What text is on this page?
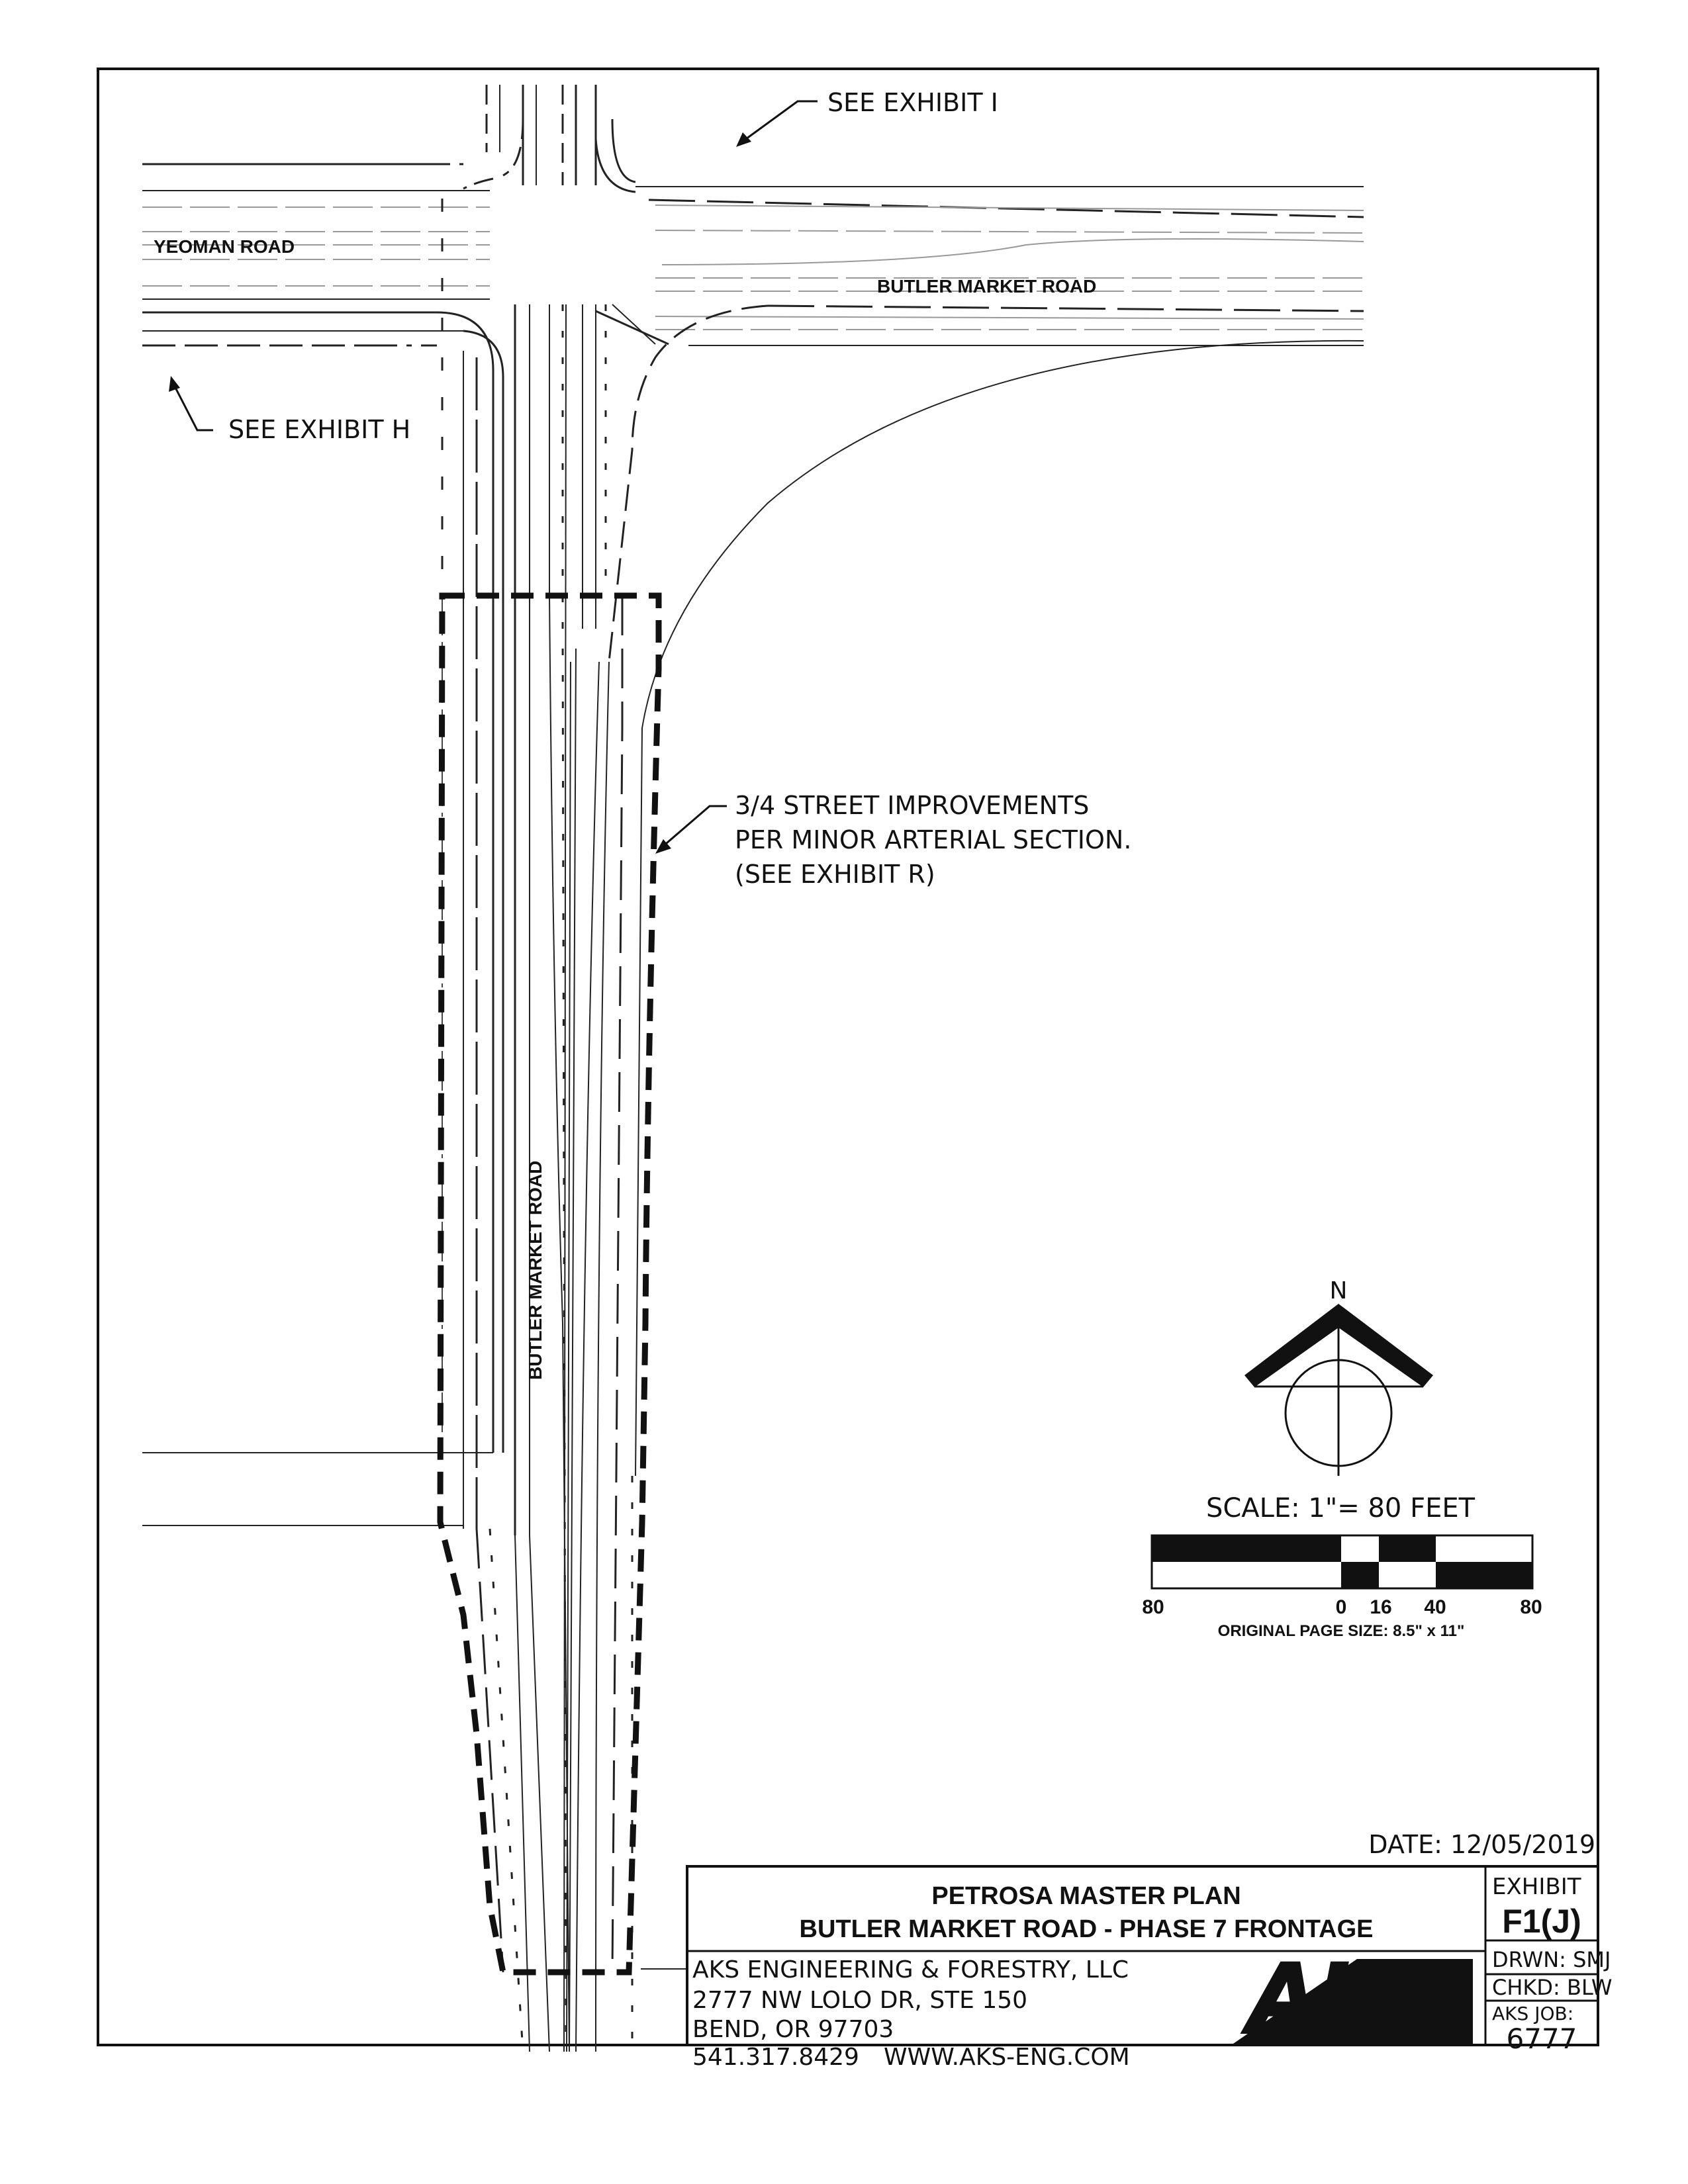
SEE EXHIBIT I
SEE EXHIBIT H
3/4 STREET IMPROVEMENTS
PER MINOR ARTERIAL SECTION.
(SEE EXHIBIT R)
YEOMAN ROAD
BUTLER MARKET ROAD
BUTLER MARKET ROAD	N
SCALE: 1"= 80 FEET
80	0 16 40	80
ORIGINAL PAGE SIZE: 8.5" x 11"
DATE: 12/05/2019
PETROSA MASTER PLAN
BUTLER MARKET ROAD - PHASE 7 FRONTAGE
EXHIBIT
F1(J)
AKS ENGINEERING & FORESTRY, LLC
2777 NW LOLO DR, STE 150
BEND, OR 97703
541.317.8429 WWW.AKS-ENG.COM
AKS DRWN: SMJ
CHKD: BLW
AKS JOB:
6777
